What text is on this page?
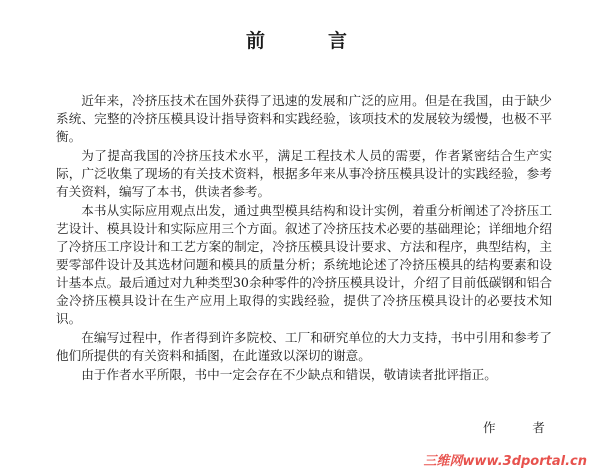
前　言

近年来，冷挤压技术在国外获得了迅速的发展和广泛的应用。但是在我国，由于缺少系统、完整的冷挤压模具设计指导资料和实践经验，该项技术的发展较为缓慢，也极不平衡。

为了提高我国的冷挤压技术水平，满足工程技术人员的需要，作者紧密结合生产实际，广泛收集了现场的有关技术资料，根据多年来从事冷挤压模具设计的实践经验，参考有关资料，编写了本书，供读者参考。

本书从实际应用观点出发，通过典型模具结构和设计实例，着重分析阐述了冷挤压工艺设计、模具设计和实际应用三个方面。叙述了冷挤压技术必要的基础理论；详细地介绍了冷挤压工序设计和工艺方案的制定，冷挤压模具设计要求、方法和程序，典型结构，主要零部件设计及其选材问题和模具的质量分析；系统地论述了冷挤压模具的结构要素和设计基本点。最后通过对九种类型30余种零件的冷挤压模具设计，介绍了目前低碳钢和铝合金冷挤压模具设计在生产应用上取得的实践经验，提供了冷挤压模具设计的必要技术知识。

在编写过程中，作者得到许多院校、工厂和研究单位的大力支持，书中引用和参考了他们所提供的有关资料和插图，在此谨致以深切的谢意。

由于作者水平所限，书中一定会存在不少缺点和错误，敬请读者批评指正。

作　者
三维网www.3dportal.cn
